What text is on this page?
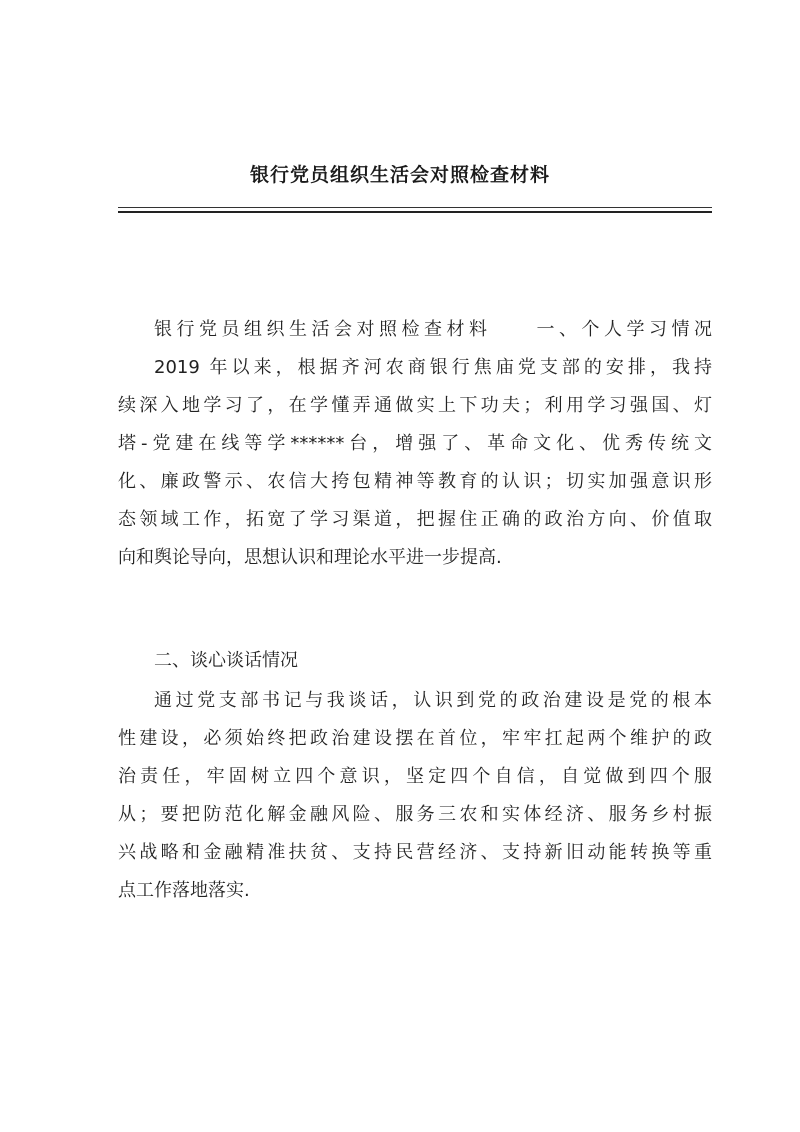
银行党员组织生活会对照检查材料
银行党员组织生活会对照检查材料　　一、个人学习情况
2019 年以来，根据齐河农商银行焦庙党支部的安排，我持
续深入地学习了，在学懂弄通做实上下功夫；利用学习强国、灯
塔-党建在线等学******台，增强了、革命文化、优秀传统文
化、廉政警示、农信大挎包精神等教育的认识；切实加强意识形
态领域工作，拓宽了学习渠道，把握住正确的政治方向、价值取
向和舆论导向，思想认识和理论水平进一步提高.
二、谈心谈话情况
通过党支部书记与我谈话，认识到党的政治建设是党的根本
性建设，必须始终把政治建设摆在首位，牢牢扛起两个维护的政
治责任，牢固树立四个意识，坚定四个自信，自觉做到四个服
从；要把防范化解金融风险、服务三农和实体经济、服务乡村振
兴战略和金融精准扶贫、支持民营经济、支持新旧动能转换等重
点工作落地落实.
